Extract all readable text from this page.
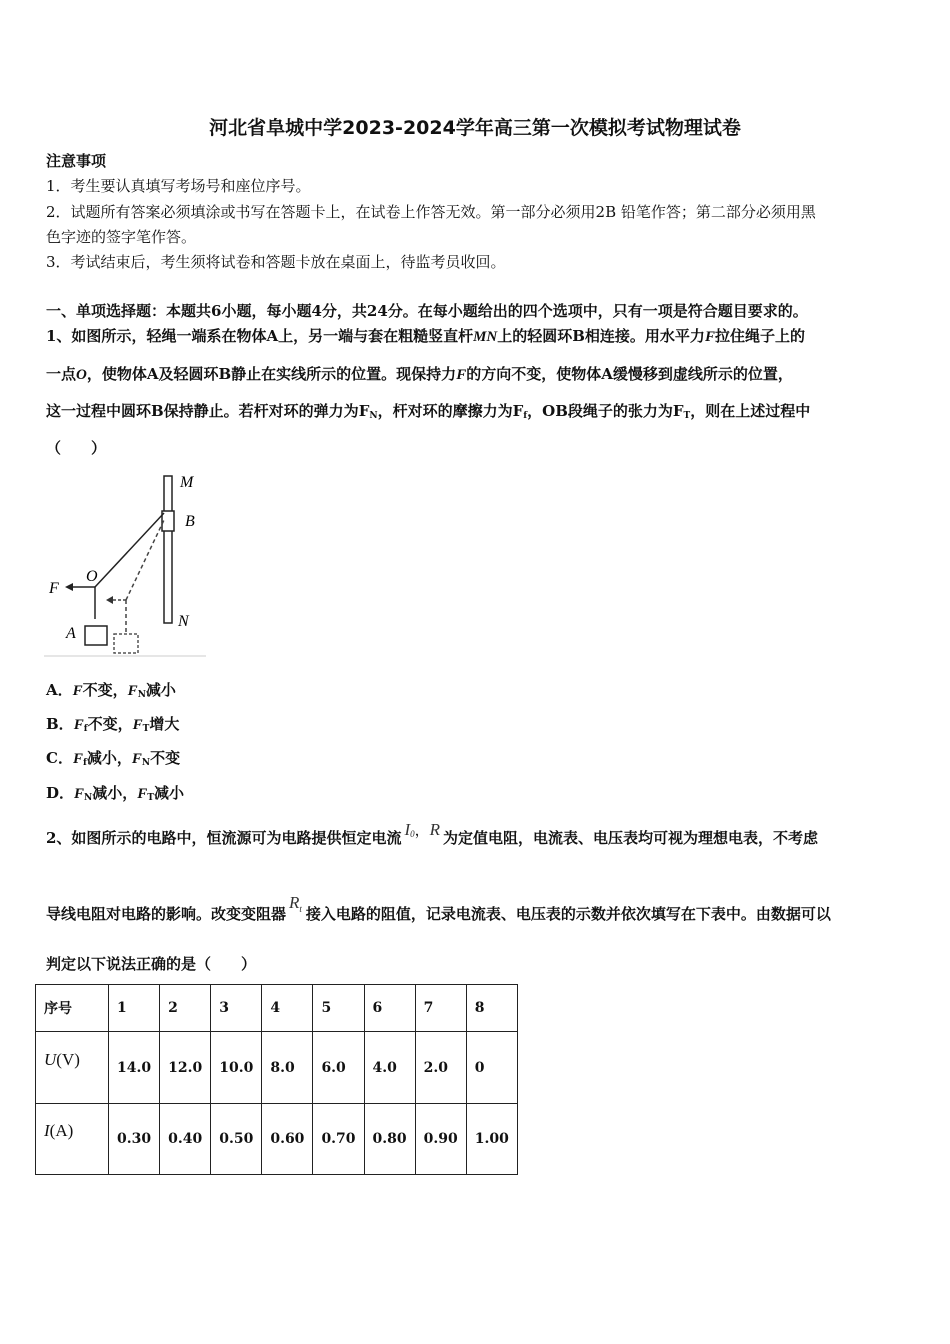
河北省阜城中学2023-2024学年高三第一次模拟考试物理试卷
注意事项
1．考生要认真填写考场号和座位序号。
2．试题所有答案必须填涂或书写在答题卡上，在试卷上作答无效。第一部分必须用2B 铅笔作答；第二部分必须用黑
色字迹的签字笔作答。
3．考试结束后，考生须将试卷和答题卡放在桌面上，待监考员收回。
一、单项选择题：本题共6小题，每小题4分，共24分。在每小题给出的四个选项中，只有一项是符合题目要求的。
1、如图所示，轻绳一端系在物体A上，另一端与套在粗糙竖直杆MN上的轻圆环B相连接。用水平力F拉住绳子上的
一点O，使物体A及轻圆环B静止在实线所示的位置。现保持力F的方向不变，使物体A缓慢移到虚线所示的位置，
这一过程中圆环B保持静止。若杆对环的弹力为$F_N$，杆对环的摩擦力为$F_f$，OB段绳子的张力为$F_T$，则在上述过程中
（　　）
M
B
F
O
A
N
A．F不变，$F_N$减小
B．$F_f$不变，$F_T$增大
C．$F_f$减小，$F_N$不变
D．$F_N$减小，$F_T$减小
2、如图所示的电路中，恒流源可为电路提供恒定电流 $I_0$，R 为定值电阻，电流表、电压表均可视为理想电表，不考虑
导线电阻对电路的影响。改变变阻器$R_t$ 接入电路的阻值，记录电流表、电压表的示数并依次填写在下表中。由数据可以
判定以下说法正确的是（　　）
序号	1	2	3	4	5	6	7	8
U(V)	14.0	12.0	10.0	8.0	6.0	4.0	2.0	0
I(A)	0.30	0.40	0.50	0.60	0.70	0.80	0.90	1.00
